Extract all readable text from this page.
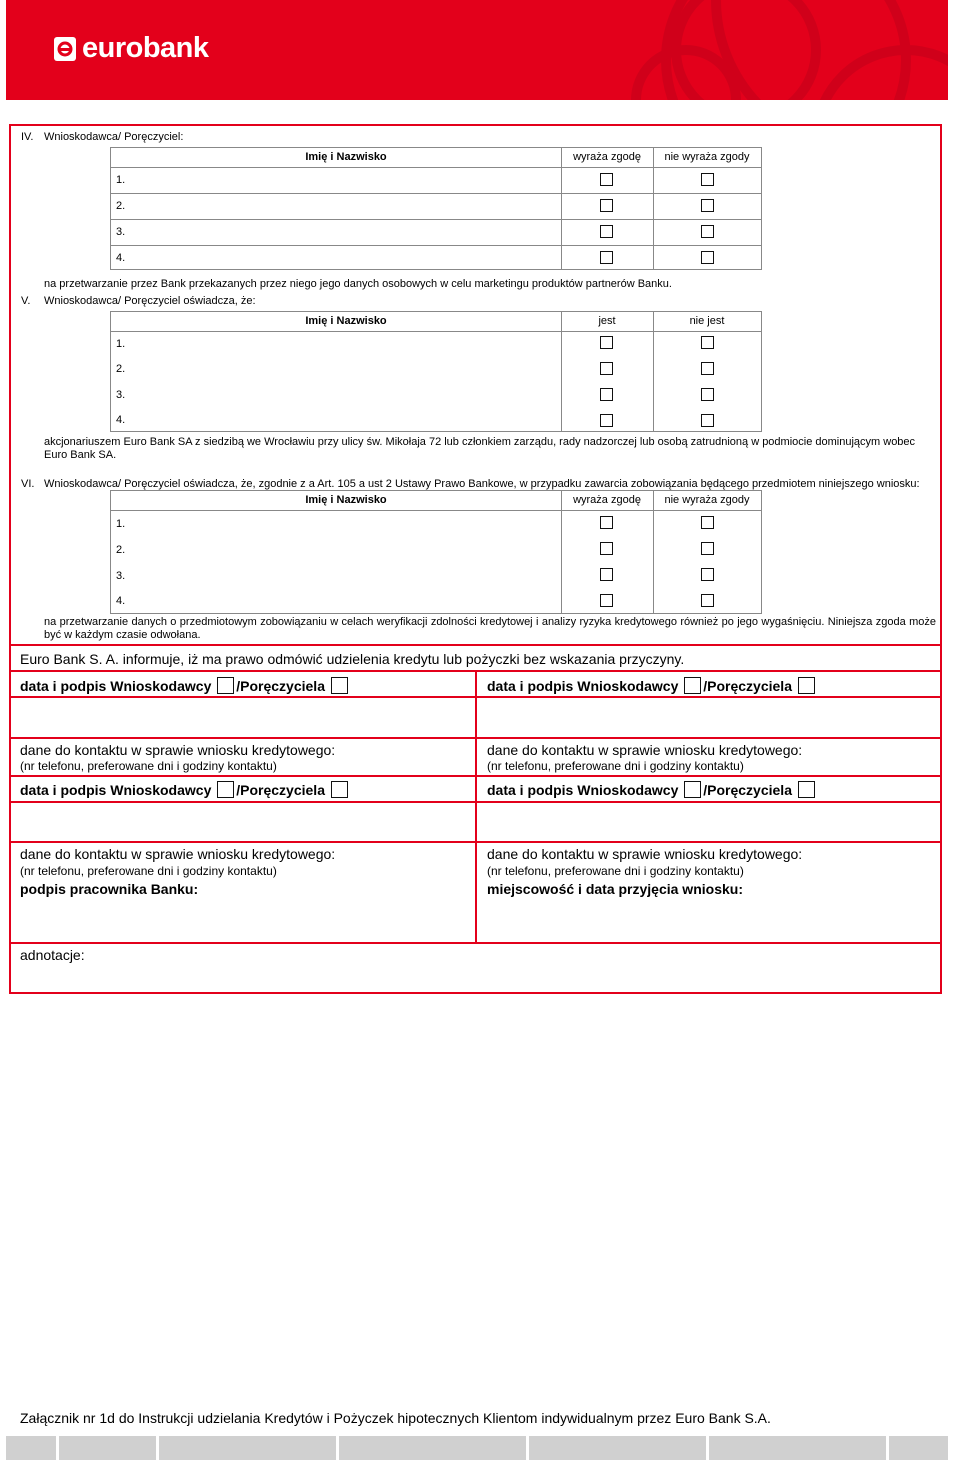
eurobank
IV. Wnioskodawca/ Poręczyciel:
Imię i Nazwisko	wyraża zgodę	nie wyraża zgody
1.
2.
3.
4.
na przetwarzanie przez Bank przekazanych przez niego jego danych osobowych w celu marketingu produktów partnerów Banku.
V. Wnioskodawca/ Poręczyciel oświadcza, że:
Imię i Nazwisko	jest	nie jest
1.
2.
3.
4.
akcjonariuszem Euro Bank SA z siedzibą we Wrocławiu przy ulicy św. Mikołaja 72 lub członkiem zarządu, rady nadzorczej lub osobą zatrudnioną w podmiocie dominującym wobec Euro Bank SA.
VI. Wnioskodawca/ Poręczyciel oświadcza, że, zgodnie z a Art. 105 a ust 2 Ustawy Prawo Bankowe, w przypadku zawarcia zobowiązania będącego przedmiotem niniejszego wniosku:
Imię i Nazwisko	wyraża zgodę	nie wyraża zgody
1.
2.
3.
4.
na przetwarzanie danych o przedmiotowym zobowiązaniu w celach weryfikacji zdolności kredytowej i analizy ryzyka kredytowego również po jego wygaśnięciu. Niniejsza zgoda może być w każdym czasie odwołana.
Euro Bank S. A. informuje, iż ma prawo odmówić udzielenia kredytu lub pożyczki bez wskazania przyczyny.
data i podpis Wnioskodawcy /Poręczyciela	data i podpis Wnioskodawcy /Poręczyciela
dane do kontaktu w sprawie wniosku kredytowego:
(nr telefonu, preferowane dni i godziny kontaktu)
dane do kontaktu w sprawie wniosku kredytowego:
(nr telefonu, preferowane dni i godziny kontaktu)
data i podpis Wnioskodawcy /Poręczyciela	data i podpis Wnioskodawcy /Poręczyciela
dane do kontaktu w sprawie wniosku kredytowego:
(nr telefonu, preferowane dni i godziny kontaktu)
podpis pracownika Banku:
dane do kontaktu w sprawie wniosku kredytowego:
(nr telefonu, preferowane dni i godziny kontaktu)
miejscowość i data przyjęcia wniosku:
adnotacje:
Załącznik nr 1d do Instrukcji udzielania Kredytów i Pożyczek hipotecznych Klientom indywidualnym przez Euro Bank S.A.
